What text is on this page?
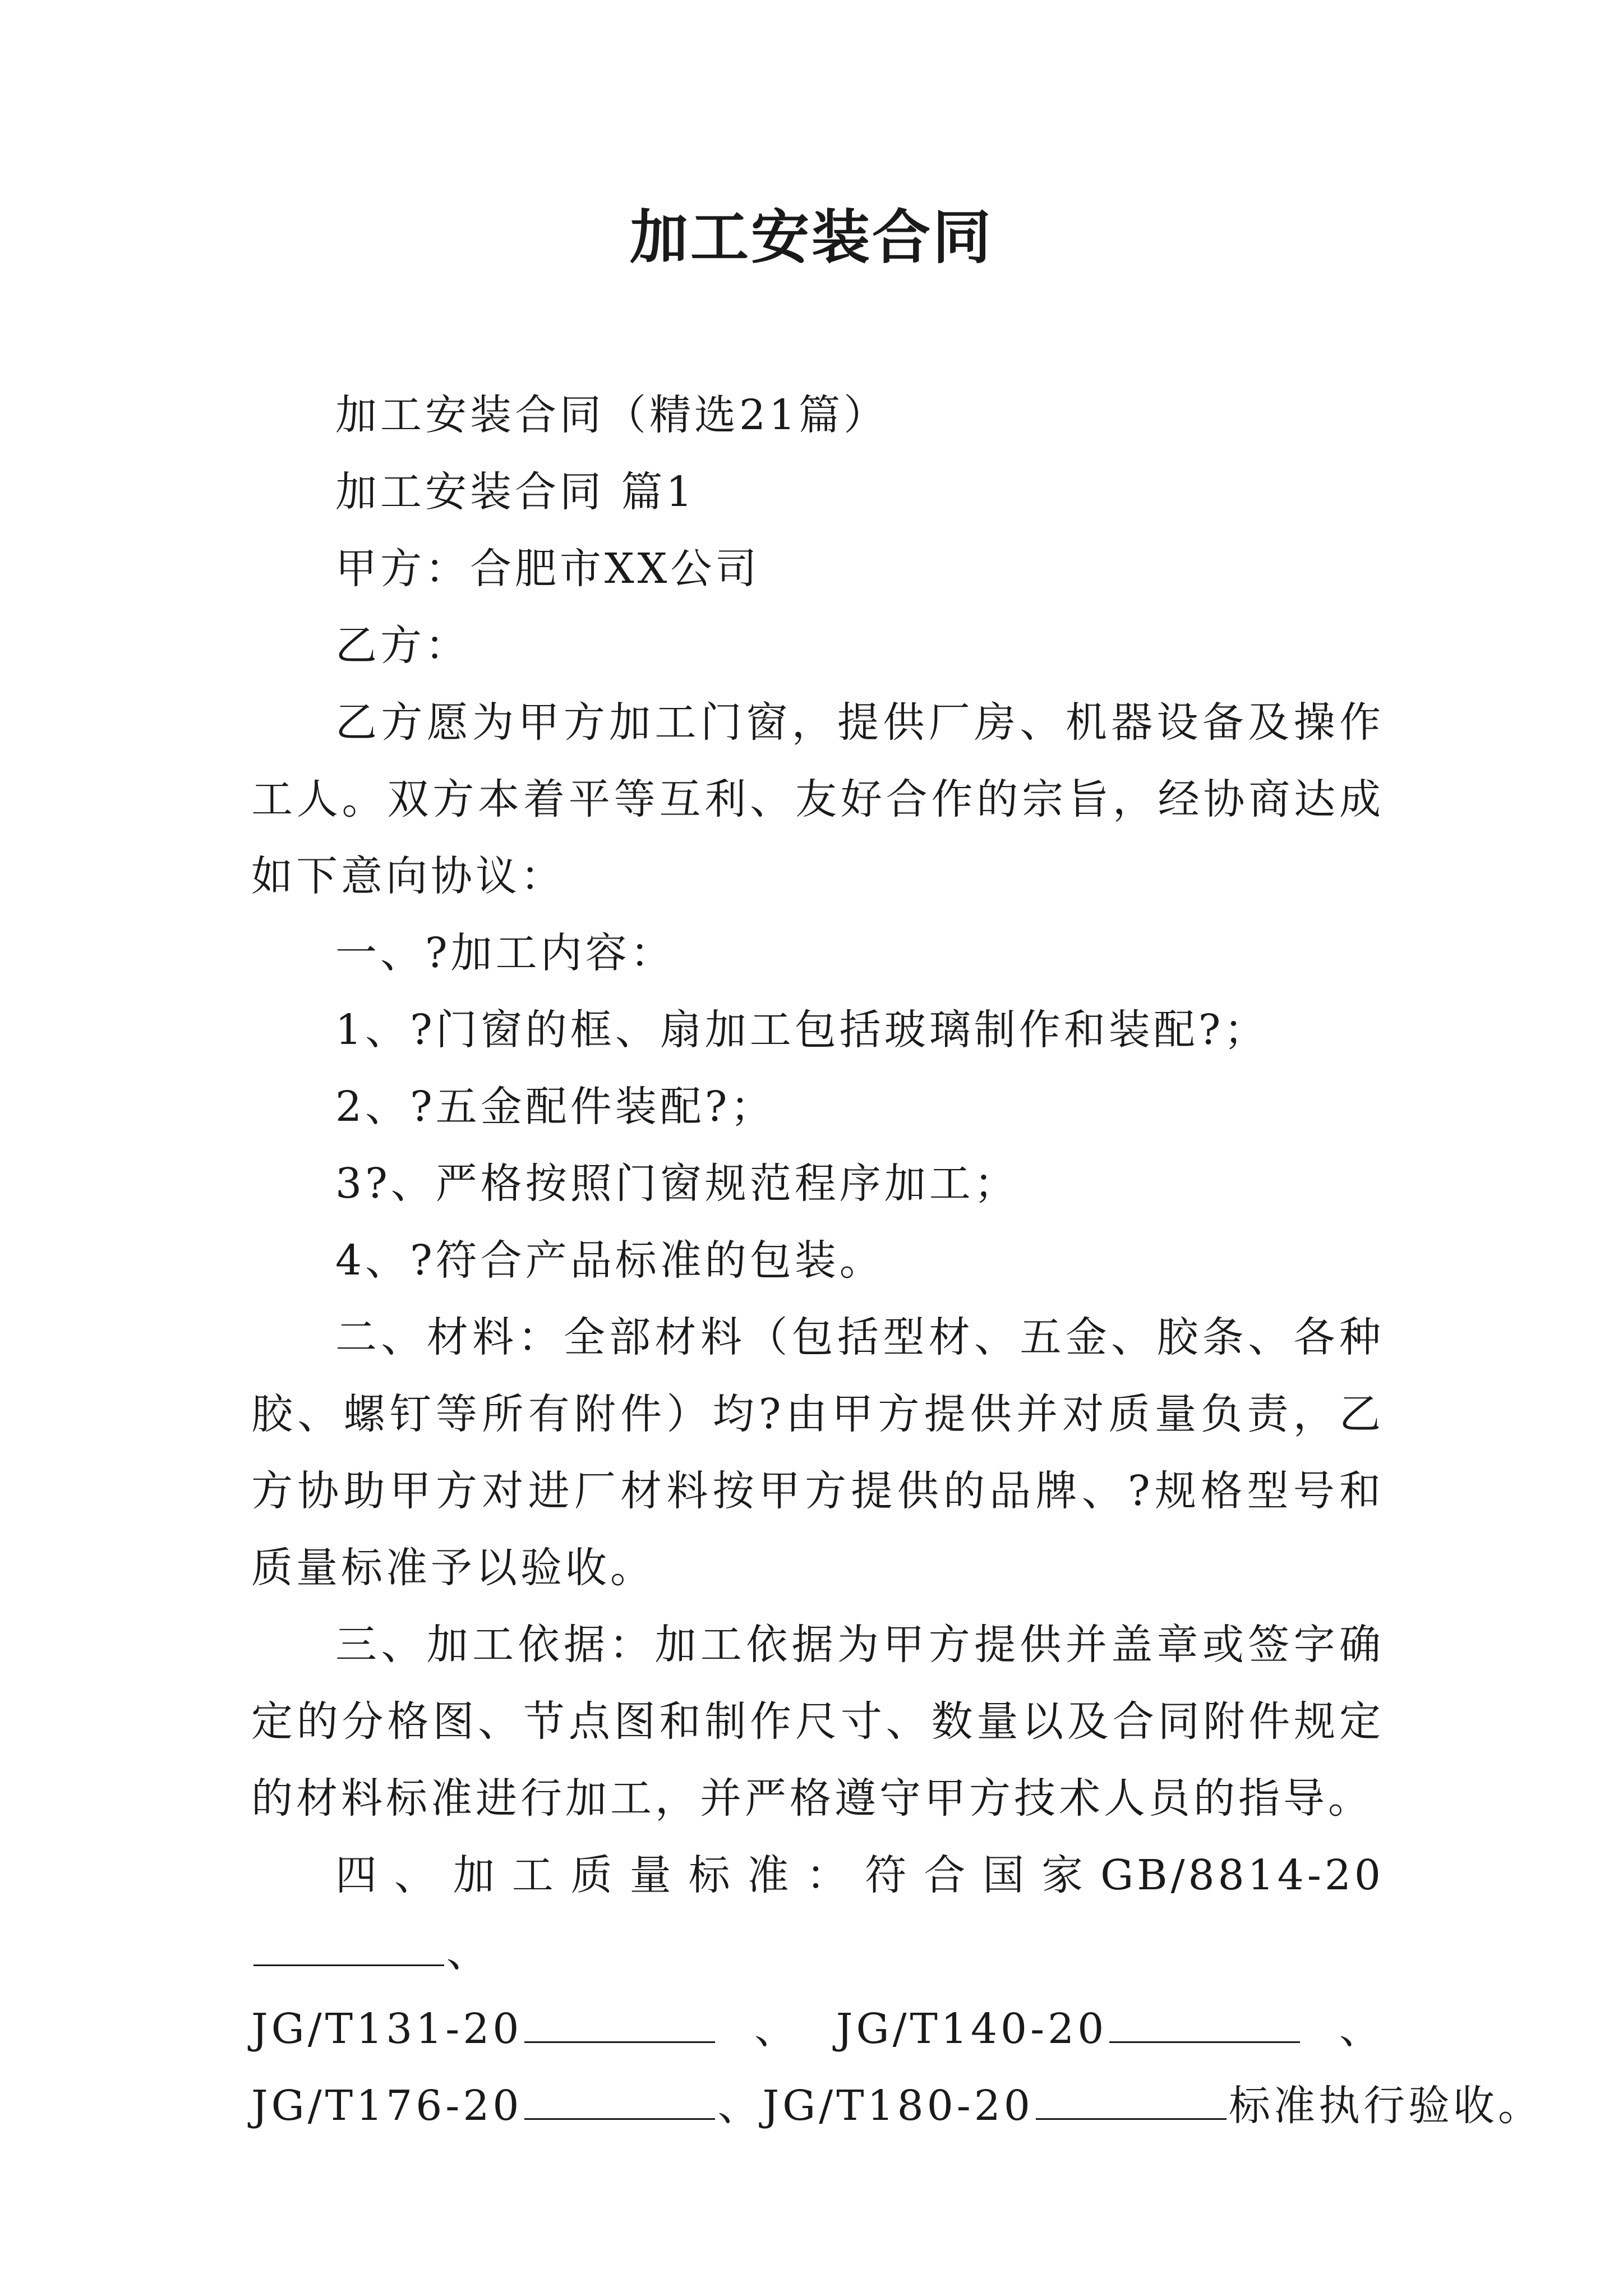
加工安装合同

加工安装合同（精选21篇）

加工安装合同 篇1

甲方：合肥市XX公司

乙方：

乙方愿为甲方加工门窗，提供厂房、机器设备及操作工人。双方本着平等互利、友好合作的宗旨，经协商达成如下意向协议：

一、?加工内容：

1、?门窗的框、扇加工包括玻璃制作和装配?；

2、?五金配件装配?；

3?、严格按照门窗规范程序加工；

4、?符合产品标准的包装。

二、材料：全部材料（包括型材、五金、胶条、各种胶、螺钉等所有附件）均?由甲方提供并对质量负责，乙方协助甲方对进厂材料按甲方提供的品牌、?规格型号和质量标准予以验收。

三、加工依据：加工依据为甲方提供并盖章或签字确定的分格图、节点图和制作尺寸、数量以及合同附件规定的材料标准进行加工，并严格遵守甲方技术人员的指导。

四、加工质量标准：符合国家GB/8814-20、

JG/T131-20	、 JG/T140-20	、
JG/T176-20	、JG/T180-20	标准执行验收。
